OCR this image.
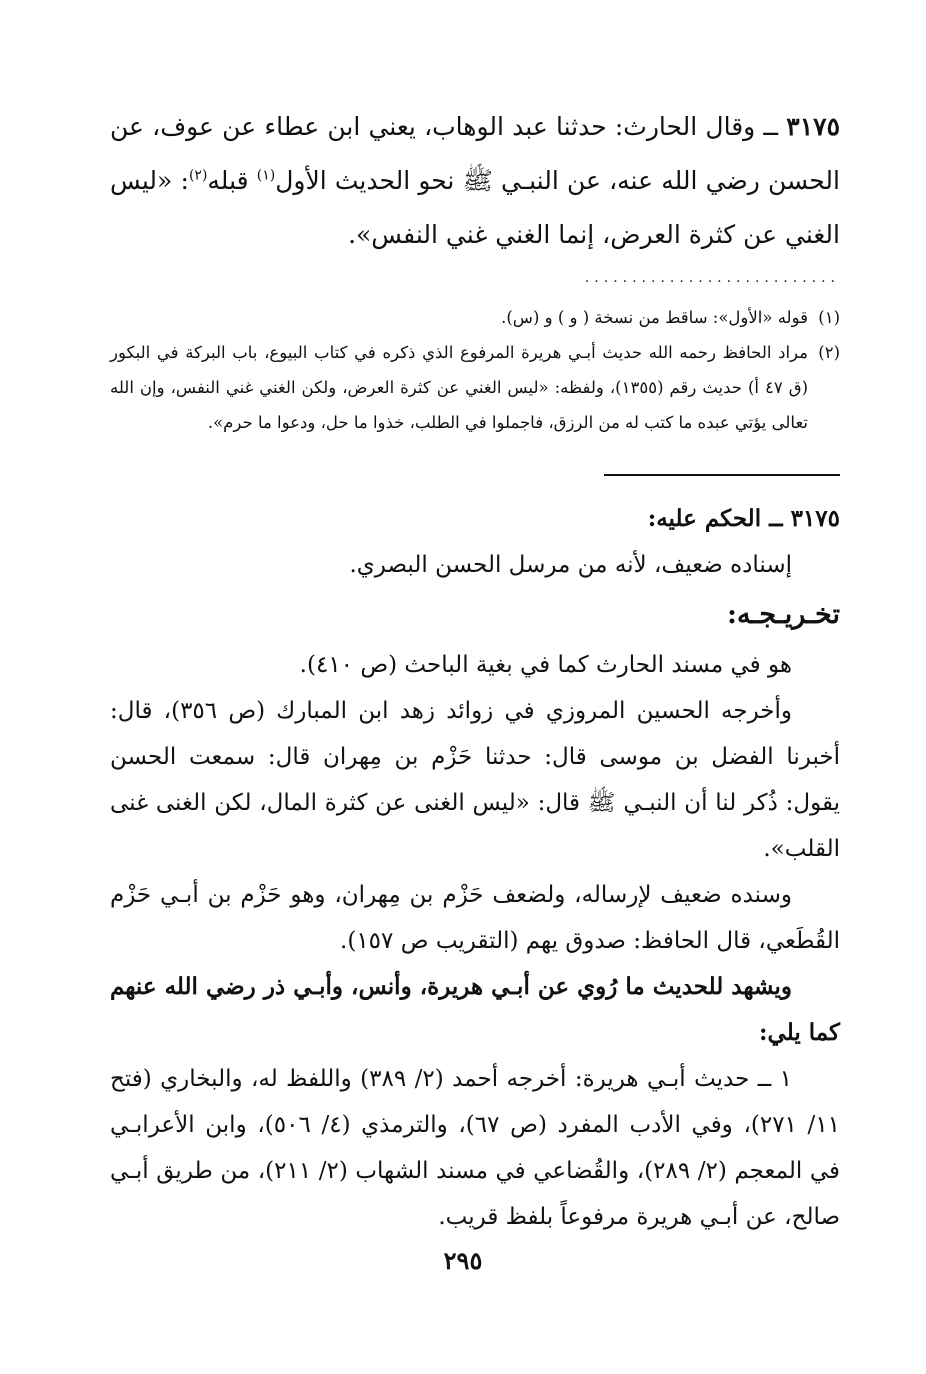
٣١٧٥ ــ وقال الحارث: حدثنا عبد الوهاب، يعني ابن عطاء عن عوف، عن الحسن رضي الله عنه، عن النبـي ﷺ نحو الحديث الأول$^{(١)}$ قبله$^{(٢)}$: «ليس الغني عن كثرة العرض، إنما الغني غني النفس».

...........................
(١)
قوله «الأول»: ساقط من نسخة ( و ) و (س).
(٢)
مراد الحافظ رحمه الله حديث أبـي هريرة المرفوع الذي ذكره في كتاب البيوع، باب البركة في البكور (ق ٤٧ أ) حديث رقم (١٣٥٥)، ولفظه: «ليس الغني عن كثرة العرض، ولكن الغني غني النفس، وإن الله تعالى يؤتي عبده ما كتب له من الرزق، فاجملوا في الطلب، خذوا ما حل، ودعوا ما حرم».

٣١٧٥ ــ الحكم عليه:

إسناده ضعيف، لأنه من مرسل الحسن البصري.

تخـريـجـه:

هو في مسند الحارث كما في بغية الباحث (ص ٤١٠).

وأخرجه الحسين المروزي في زوائد زهد ابن المبارك (ص ٣٥٦)، قال: أخبرنا الفضل بن موسى قال: حدثنا حَزْم بن مِهران قال: سمعت الحسن يقول: ذُكر لنا أن النبـي ﷺ قال: «ليس الغنى عن كثرة المال، لكن الغنى غنى القلب».

وسنده ضعيف لإرساله، ولضعف حَزْم بن مِهران، وهو حَزْم بن أبـي حَزْم القُطَعي، قال الحافظ: صدوق يهم (التقريب ص ١٥٧).

ويشهد للحديث ما رُوي عن أبـي هريرة، وأنس، وأبـي ذر رضي الله عنهم كما يلي:

١ ــ حديث أبـي هريرة: أخرجه أحمد (٢/ ٣٨٩) واللفظ له، والبخاري (فتح ١١/ ٢٧١)، وفي الأدب المفرد (ص ٦٧)، والترمذي (٤/ ٥٠٦)، وابن الأعرابـي في المعجم (٢/ ٢٨٩)، والقُضاعي في مسند الشهاب (٢/ ٢١١)، من طريق أبـي صالح، عن أبـي هريرة مرفوعاً بلفظ قريب.

٢٩٥
